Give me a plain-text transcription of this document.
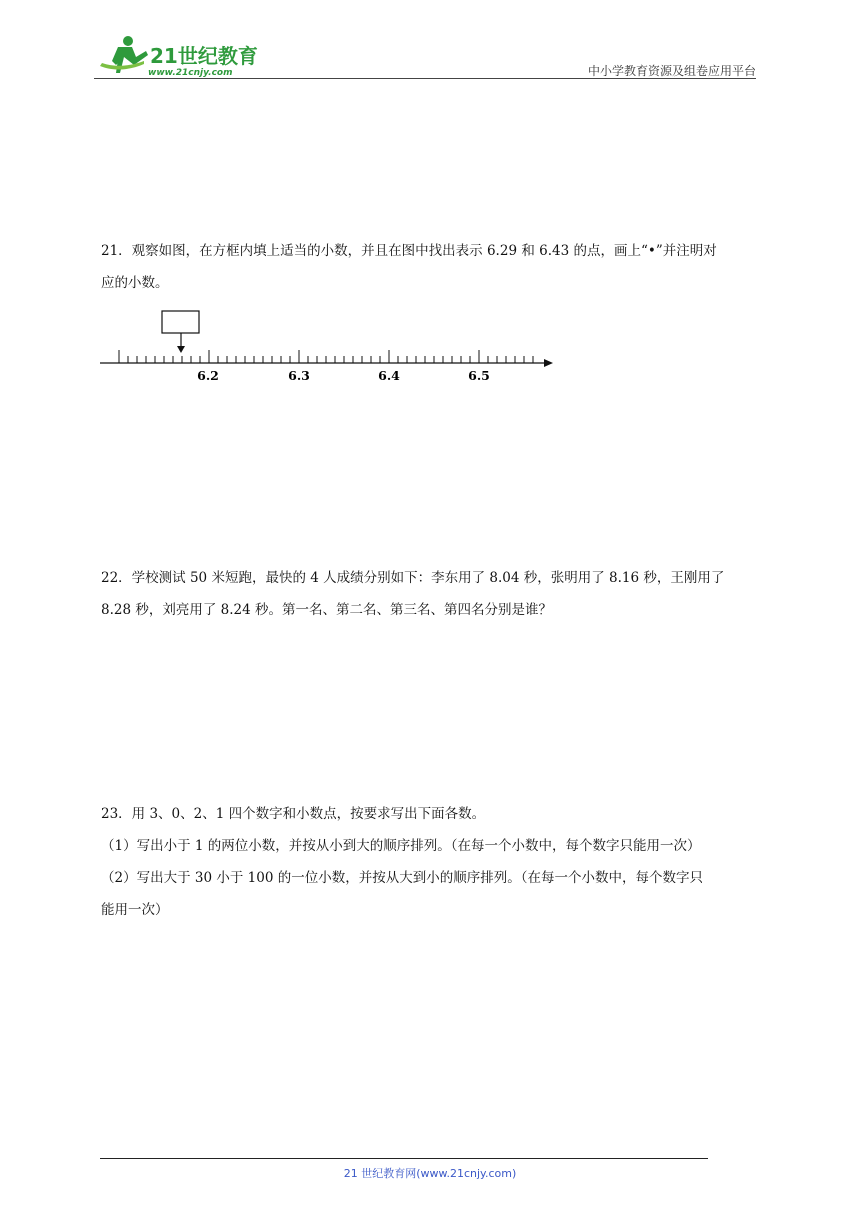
21世纪教育
www.21cnjy.com	中小学教育资源及组卷应用平台

21．观察如图，在方框内填上适当的小数，并且在图中找出表示 6.29 和 6.43 的点，画上“•”并注明对

应的小数。

6.2	6.3	6.4	6.5

22．学校测试 50 米短跑，最快的 4 人成绩分别如下：李东用了 8.04 秒，张明用了 8.16 秒，王刚用了

8.28 秒，刘亮用了 8.24 秒。第一名、第二名、第三名、第四名分别是谁？

23．用 3、0、2、1 四个数字和小数点，按要求写出下面各数。

（1）写出小于 1 的两位小数，并按从小到大的顺序排列。（在每一个小数中，每个数字只能用一次）

（2）写出大于 30 小于 100 的一位小数，并按从大到小的顺序排列。（在每一个小数中，每个数字只

能用一次）

21 世纪教育网(www.21cnjy.com)
